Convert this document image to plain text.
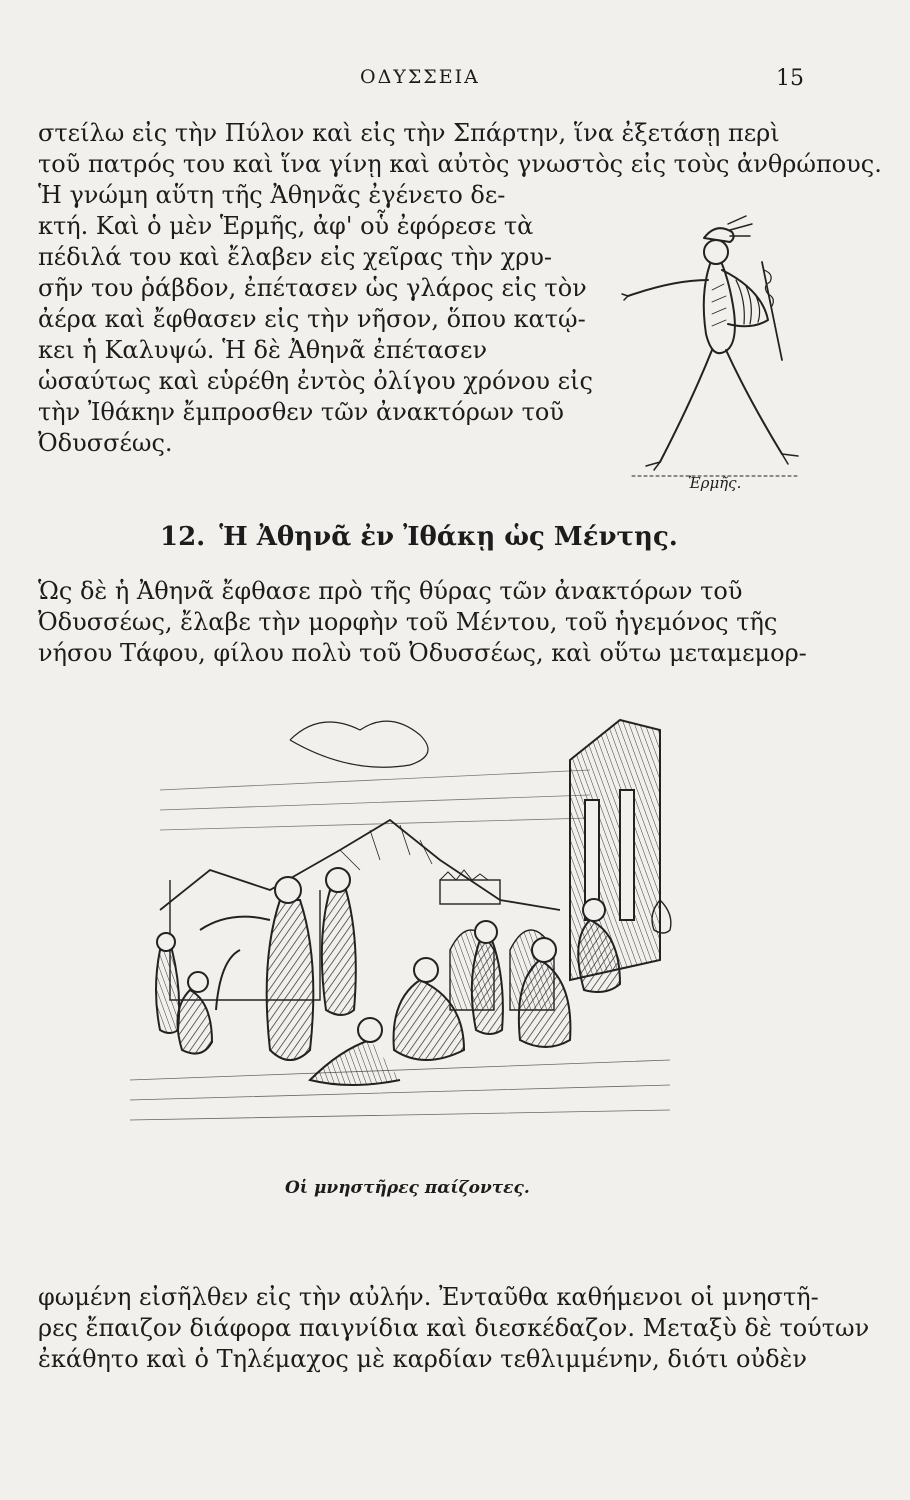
ΟΔΥΣΣΕΙΑ	15
στείλω εἰς τὴν Πύλον καὶ εἰς τὴν Σπάρτην, ἵνα ἐξετάσῃ περὶ
τοῦ πατρός του καὶ ἵνα γίνῃ καὶ αὐτὸς γνωστὸς εἰς τοὺς ἀνθρώπους.
Ἡ γνώμη αὕτη τῆς Ἀθηνᾶς ἐγένετο δε-
κτή. Καὶ ὁ μὲν Ἑρμῆς, ἀφ' οὗ ἐφόρεσε τὰ
πέδιλά του καὶ ἔλαβεν εἰς χεῖρας τὴν χρυ-
σῆν του ῥάβδον, ἐπέτασεν ὡς γλάρος εἰς τὸν
ἀέρα καὶ ἔφθασεν εἰς τὴν νῆσον, ὅπου κατῴ-
κει ἡ Καλυψώ. Ἡ δὲ Ἀθηνᾶ ἐπέτασεν
ὡσαύτως καὶ εὑρέθη ἐντὸς ὀλίγου χρόνου εἰς
τὴν Ἰθάκην ἔμπροσθεν τῶν ἀνακτόρων τοῦ
Ὀδυσσέως.
Ἑρμῆς.
12. Ἡ Ἀθηνᾶ ἐν Ἰθάκῃ ὡς Μέντης.
Ὡς δὲ ἡ Ἀθηνᾶ ἔφθασε πρὸ τῆς θύρας τῶν ἀνακτόρων τοῦ
Ὀδυσσέως, ἔλαβε τὴν μορφὴν τοῦ Μέντου, τοῦ ἡγεμόνος τῆς
νήσου Τάφου, φίλου πολὺ τοῦ Ὀδυσσέως, καὶ οὕτω μεταμεμορ-
Οἱ μνηστῆρες παίζοντες.
φωμένη εἰσῆλθεν εἰς τὴν αὐλήν. Ἐνταῦθα καθήμενοι οἱ μνηστῆ-
ρες ἔπαιζον διάφορα παιγνίδια καὶ διεσκέδαζον. Μεταξὺ δὲ τούτων
ἐκάθητο καὶ ὁ Τηλέμαχος μὲ καρδίαν τεθλιμμένην, διότι οὐδὲν
